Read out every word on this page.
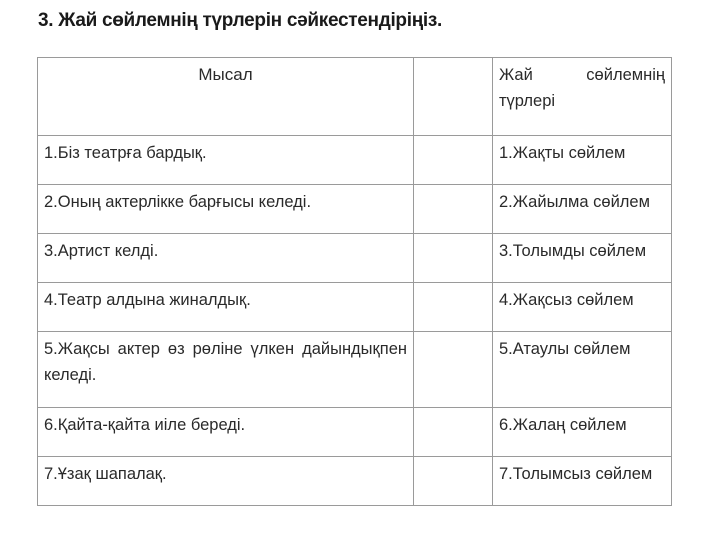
3. Жай сөйлемнің түрлерін сәйкестендіріңіз.
Мысал		Жай сөйлемнің түрлері
1.Біз театрға бардық.		1.Жақты сөйлем
2.Оның актерлікке барғысы келеді.		2.Жайылма сөйлем
3.Артист келді.		3.Толымды сөйлем
4.Театр алдына жиналдық.		4.Жақсыз сөйлем
5.Жақсы актер өз рөліне үлкен дайындықпен келеді.		5.Атаулы сөйлем
6.Қайта-қайта иіле береді.		6.Жалаң сөйлем
7.Ұзақ шапалақ.		7.Толымсыз сөйлем
